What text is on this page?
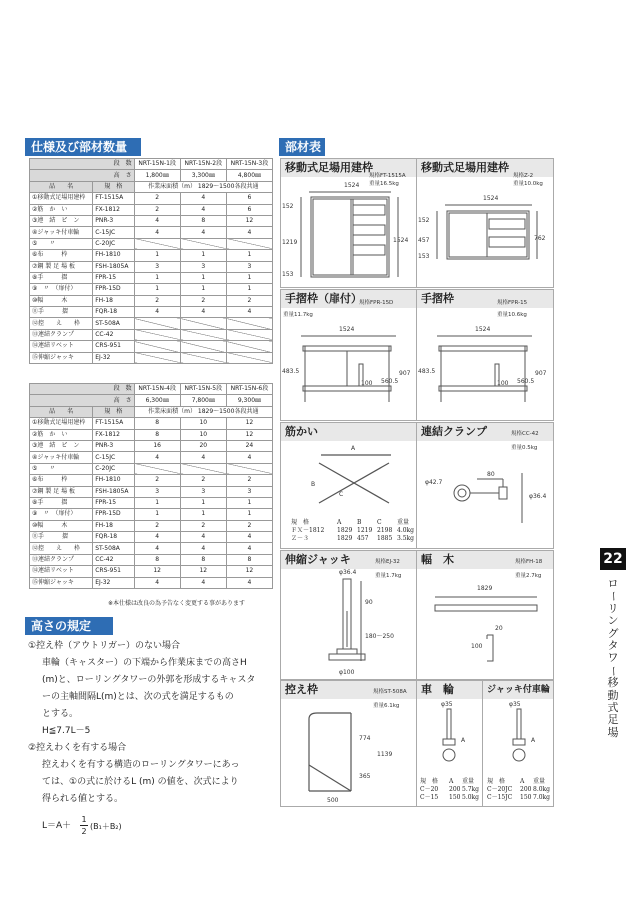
仕様及び部材数量
段　数		NRT-15N-1段	NRT-15N-2段	NRT-15N-3段
高　さ		1,800㎜	3,300㎜	4,800㎜
品　　名	規　格	作業床面積（m） 1829～1500各段共通		
①移動式足場用建枠	FT-1515A	2	4	6
②筋　か　い	FX-1812	2	4	6
③連　結　ピ　ン	PNR-3	4	8	12
④ジャッキ付車輪	C-15JC	4	4	4
⑤　　〃	C-20JC			
⑥布　　　枠	FH-1810	1	1	1
⑦鋼 製 足 場 板	FSH-1805A	3	3	3
⑧手　　　摺	FPR-15	1	1	1
⑨　〃　（扉付）	FPR-15D	1	1	1
⑩幅　　　木	FH-18	2	2	2
⑪手　　　摺	FQR-18	4	4	4
⑫控　　え　　枠	ST-508A			
⑬連結クランプ	CC-42			
⑭連結リベット	CRS-951			
⑮伸縮ジャッキ	EJ-32			
段　数		NRT-15N-4段	NRT-15N-5段	NRT-15N-6段
高　さ		6,300㎜	7,800㎜	9,300㎜
品　　名	規　格	作業床面積（m） 1829～1500各段共通		
①移動式足場用建枠	FT-1515A	8	10	12
②筋　か　い	FX-1812	8	10	12
③連　結　ピ　ン	PNR-3	16	20	24
④ジャッキ付車輪	C-15JC	4	4	4
⑤　　〃	C-20JC			
⑥布　　　枠	FH-1810	2	2	2
⑦鋼 製 足 場 板	FSH-1805A	3	3	3
⑧手　　　摺	FPR-15	1	1	1
⑨　〃　（扉付）	FPR-15D	1	1	1
⑩幅　　　木	FH-18	2	2	2
⑪手　　　摺	FQR-18	4	4	4
⑫控　　え　　枠	ST-508A	4	4	4
⑬連結クランプ	CC-42	8	8	8
⑭連結リベット	CRS-951	12	12	12
⑮伸縮ジャッキ	EJ-32	4	4	4
※本仕様は改良の為予告なく変更する事があります
高さの規定
①控え枠（アウトリガー）のない場合
車輪（キャスター）の下端から作業床までの高さH
(m)と、ローリングタワーの外郭を形成するキャスタ
ーの主軸間隔L(m)とは、次の式を満足するもの
とする。
H≦7.7L－5
②控えわくを有する場合
控えわくを有する構造のローリングタワーにあっ
ては、①の式に於けるL (m) の値を、次式により
得られる値とする。
$L=A+ \frac{1}{2} (B_1+B_2)$
部材表
移動式足場用建枠
規格FT-1515A
重量16.5kg
1524
152
1219
153
1524
移動式足場用建枠
規格Z-2
重量10.0kg
1524
152
457
153
762
手摺枠（扉付）
規格FPR-15D
重量11.7kg
1524
483.5
100 560.5
907
手摺枠	規格FPR-15
重量10.6kg
1524
483.5
100 560.5
907
筋かい
A
B
C
規　格	A	B	C	重量
ＦＸ－1812	1829 1219 2198 4.0kg
Ｚ－３	1829 457	1885 3.5kg
連結クランプ	規格CC-42
重量0.5kg
φ42.7
80
φ36.4
伸縮ジャッキ	規格EJ-32
重量1.7kg
φ36.4
90
180～250
φ100
幅　木	規格FH-18
重量2.7kg
1829
20
100
控え枠	規格ST-508A
重量6.1kg
774
1139
365
500
車　輪
φ35
A
ジャッキ付車輪
φ35
A
規　格	A	重量	規　格	A	重量
C－20	200 5.7kg	C－20JC	200 8.0kg
C－15	150 5.0kg	C－15JC	150 7.0kg
22
ロ
ー
リ
ン
グ
タ
ワ
ー
移
動
式
足
場
